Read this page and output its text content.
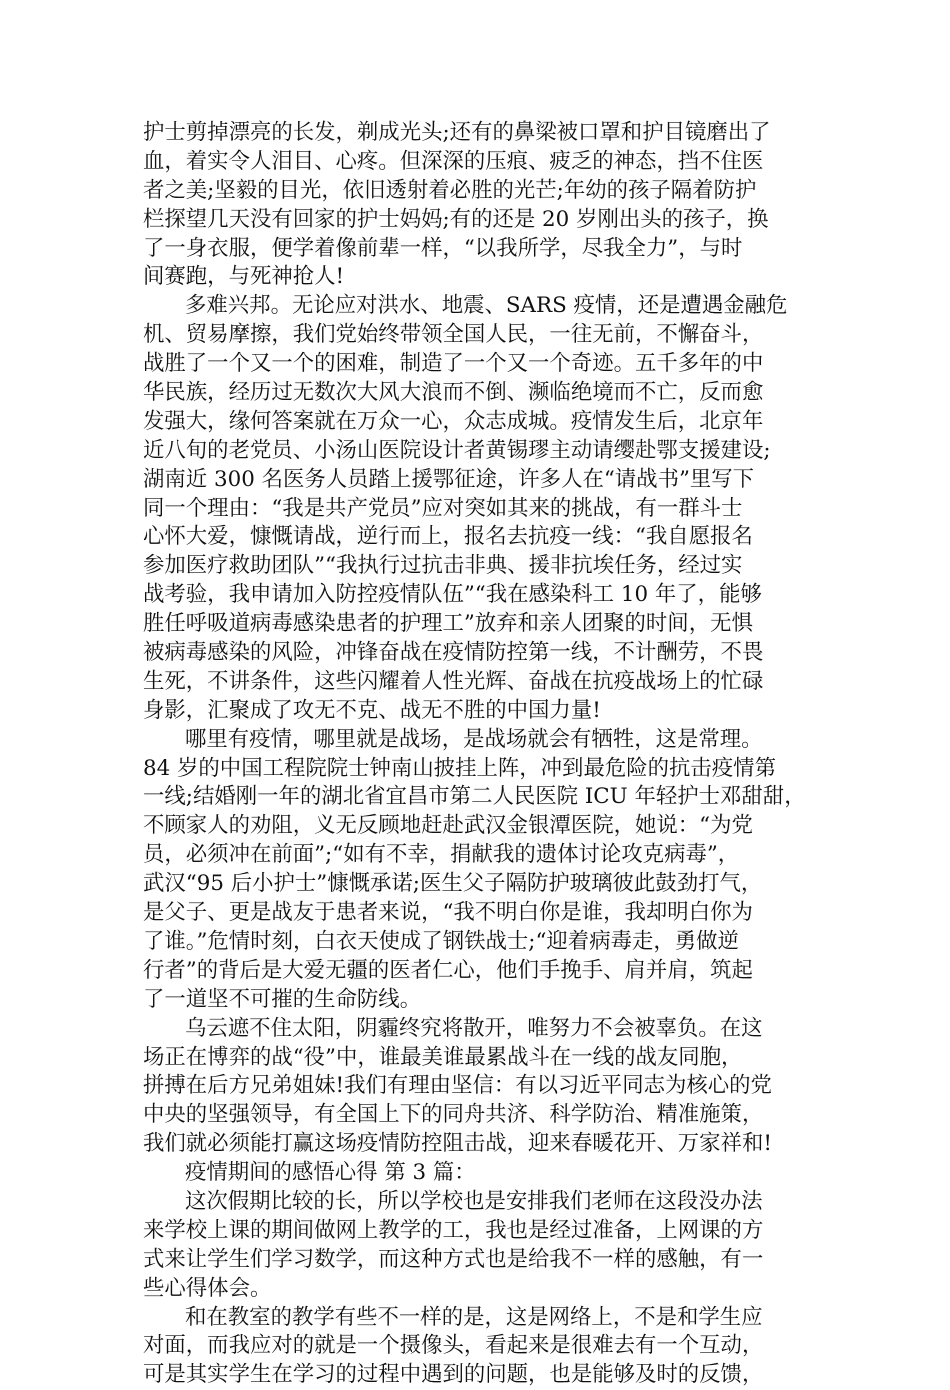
护士剪掉漂亮的长发，剃成光头;还有的鼻梁被口罩和护目镜磨出了
血，着实令人泪目、心疼。但深深的压痕、疲乏的神态，挡不住医
者之美;坚毅的目光，依旧透射着必胜的光芒;年幼的孩子隔着防护
栏探望几天没有回家的护士妈妈;有的还是 20 岁刚出头的孩子，换
了一身衣服，便学着像前辈一样，“以我所学，尽我全力”，与时
间赛跑，与死神抢人!
多难兴邦。无论应对洪水、地震、SARS 疫情，还是遭遇金融危
机、贸易摩擦，我们党始终带领全国人民，一往无前，不懈奋斗，
战胜了一个又一个的困难，制造了一个又一个奇迹。五千多年的中
华民族，经历过无数次大风大浪而不倒、濒临绝境而不亡，反而愈
发强大，缘何答案就在万众一心，众志成城。疫情发生后，北京年
近八旬的老党员、小汤山医院设计者黄锡璆主动请缨赴鄂支援建设;
湖南近 300 名医务人员踏上援鄂征途，许多人在“请战书”里写下
同一个理由：“我是共产党员”应对突如其来的挑战，有一群斗士
心怀大爱，慷慨请战，逆行而上，报名去抗疫一线：“我自愿报名
参加医疗救助团队”“我执行过抗击非典、援非抗埃任务，经过实
战考验，我申请加入防控疫情队伍”“我在感染科工 10 年了，能够
胜任呼吸道病毒感染患者的护理工”放弃和亲人团聚的时间，无惧
被病毒感染的风险，冲锋奋战在疫情防控第一线，不计酬劳，不畏
生死，不讲条件，这些闪耀着人性光辉、奋战在抗疫战场上的忙碌
身影，汇聚成了攻无不克、战无不胜的中国力量!
哪里有疫情，哪里就是战场，是战场就会有牺牲，这是常理。
84 岁的中国工程院院士钟南山披挂上阵，冲到最危险的抗击疫情第
一线;结婚刚一年的湖北省宜昌市第二人民医院 ICU 年轻护士邓甜甜，
不顾家人的劝阻，义无反顾地赶赴武汉金银潭医院，她说：“为党
员，必须冲在前面”;“如有不幸，捐献我的遗体讨论攻克病毒”，
武汉“95 后小护士”慷慨承诺;医生父子隔防护玻璃彼此鼓劲打气，
是父子、更是战友于患者来说，“我不明白你是谁，我却明白你为
了谁。”危情时刻，白衣天使成了钢铁战士;“迎着病毒走，勇做逆
行者”的背后是大爱无疆的医者仁心，他们手挽手、肩并肩，筑起
了一道坚不可摧的生命防线。
乌云遮不住太阳，阴霾终究将散开，唯努力不会被辜负。在这
场正在博弈的战“役”中，谁最美谁最累战斗在一线的战友同胞，
拼搏在后方兄弟姐妹!我们有理由坚信：有以习近平同志为核心的党
中央的坚强领导，有全国上下的同舟共济、科学防治、精准施策，
我们就必须能打赢这场疫情防控阻击战，迎来春暖花开、万家祥和!
疫情期间的感悟心得 第 3 篇：
这次假期比较的长，所以学校也是安排我们老师在这段没办法
来学校上课的期间做网上教学的工，我也是经过准备，上网课的方
式来让学生们学习数学，而这种方式也是给我不一样的感触，有一
些心得体会。
和在教室的教学有些不一样的是，这是网络上，不是和学生应
对面，而我应对的就是一个摄像头，看起来是很难去有一个互动，
可是其实学生在学习的过程中遇到的问题，也是能够及时的反馈，
